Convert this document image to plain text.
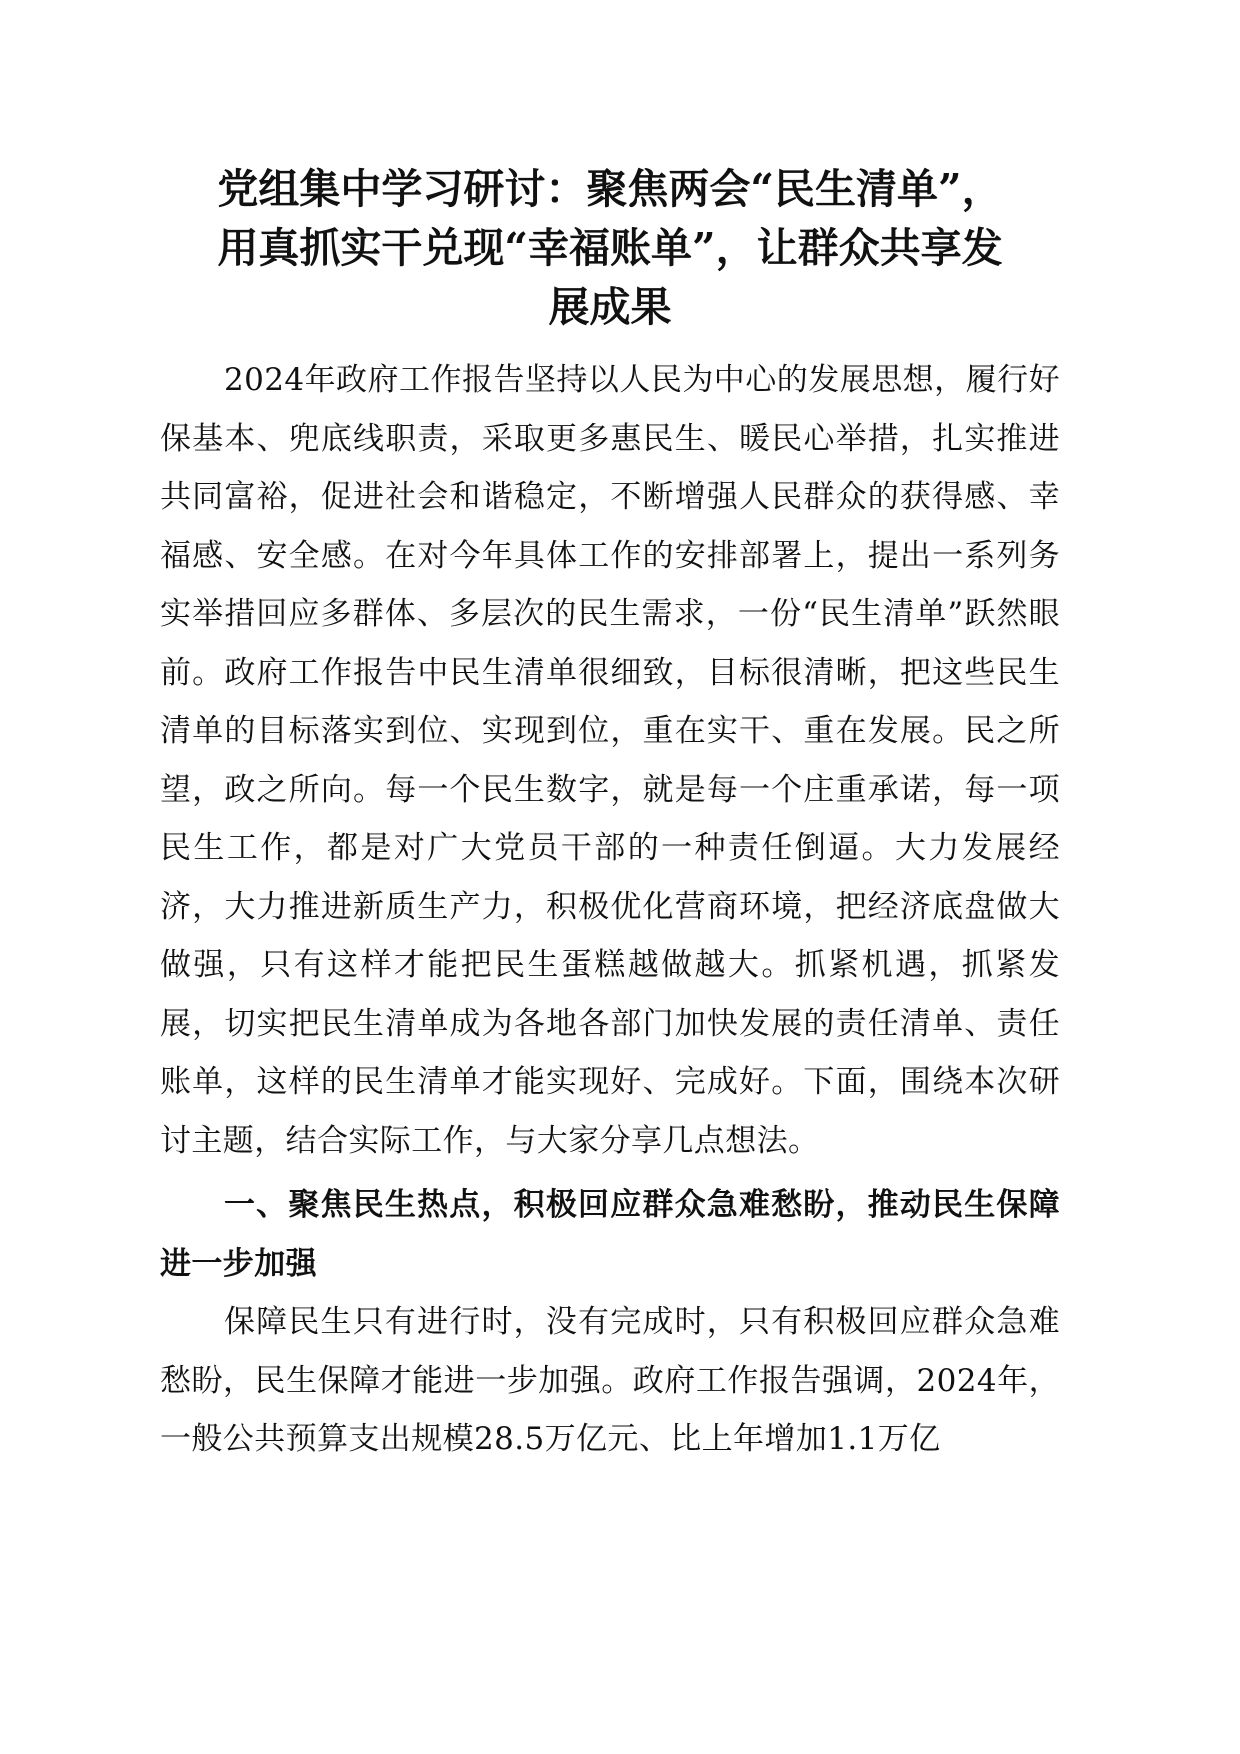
党组集中学习研讨：聚焦两会“民生清单”，
用真抓实干兑现“幸福账单”，让群众共享发
展成果

2024年政府工作报告坚持以人民为中心的发展思想，履行好保基本、兜底线职责，采取更多惠民生、暖民心举措，扎实推进共同富裕，促进社会和谐稳定，不断增强人民群众的获得感、幸福感、安全感。在对今年具体工作的安排部署上，提出一系列务实举措回应多群体、多层次的民生需求，一份“民生清单”跃然眼前。政府工作报告中民生清单很细致，目标很清晰，把这些民生清单的目标落实到位、实现到位，重在实干、重在发展。民之所望，政之所向。每一个民生数字，就是每一个庄重承诺，每一项民生工作，都是对广大党员干部的一种责任倒逼。大力发展经济，大力推进新质生产力，积极优化营商环境，把经济底盘做大做强，只有这样才能把民生蛋糕越做越大。抓紧机遇，抓紧发展，切实把民生清单成为各地各部门加快发展的责任清单、责任账单，这样的民生清单才能实现好、完成好。下面，围绕本次研讨主题，结合实际工作，与大家分享几点想法。

一、聚焦民生热点，积极回应群众急难愁盼，推动民生保障进一步加强

保障民生只有进行时，没有完成时，只有积极回应群众急难愁盼，民生保障才能进一步加强。政府工作报告强调，2024年，一般公共预算支出规模28.5万亿元、比上年增加1.1万亿
